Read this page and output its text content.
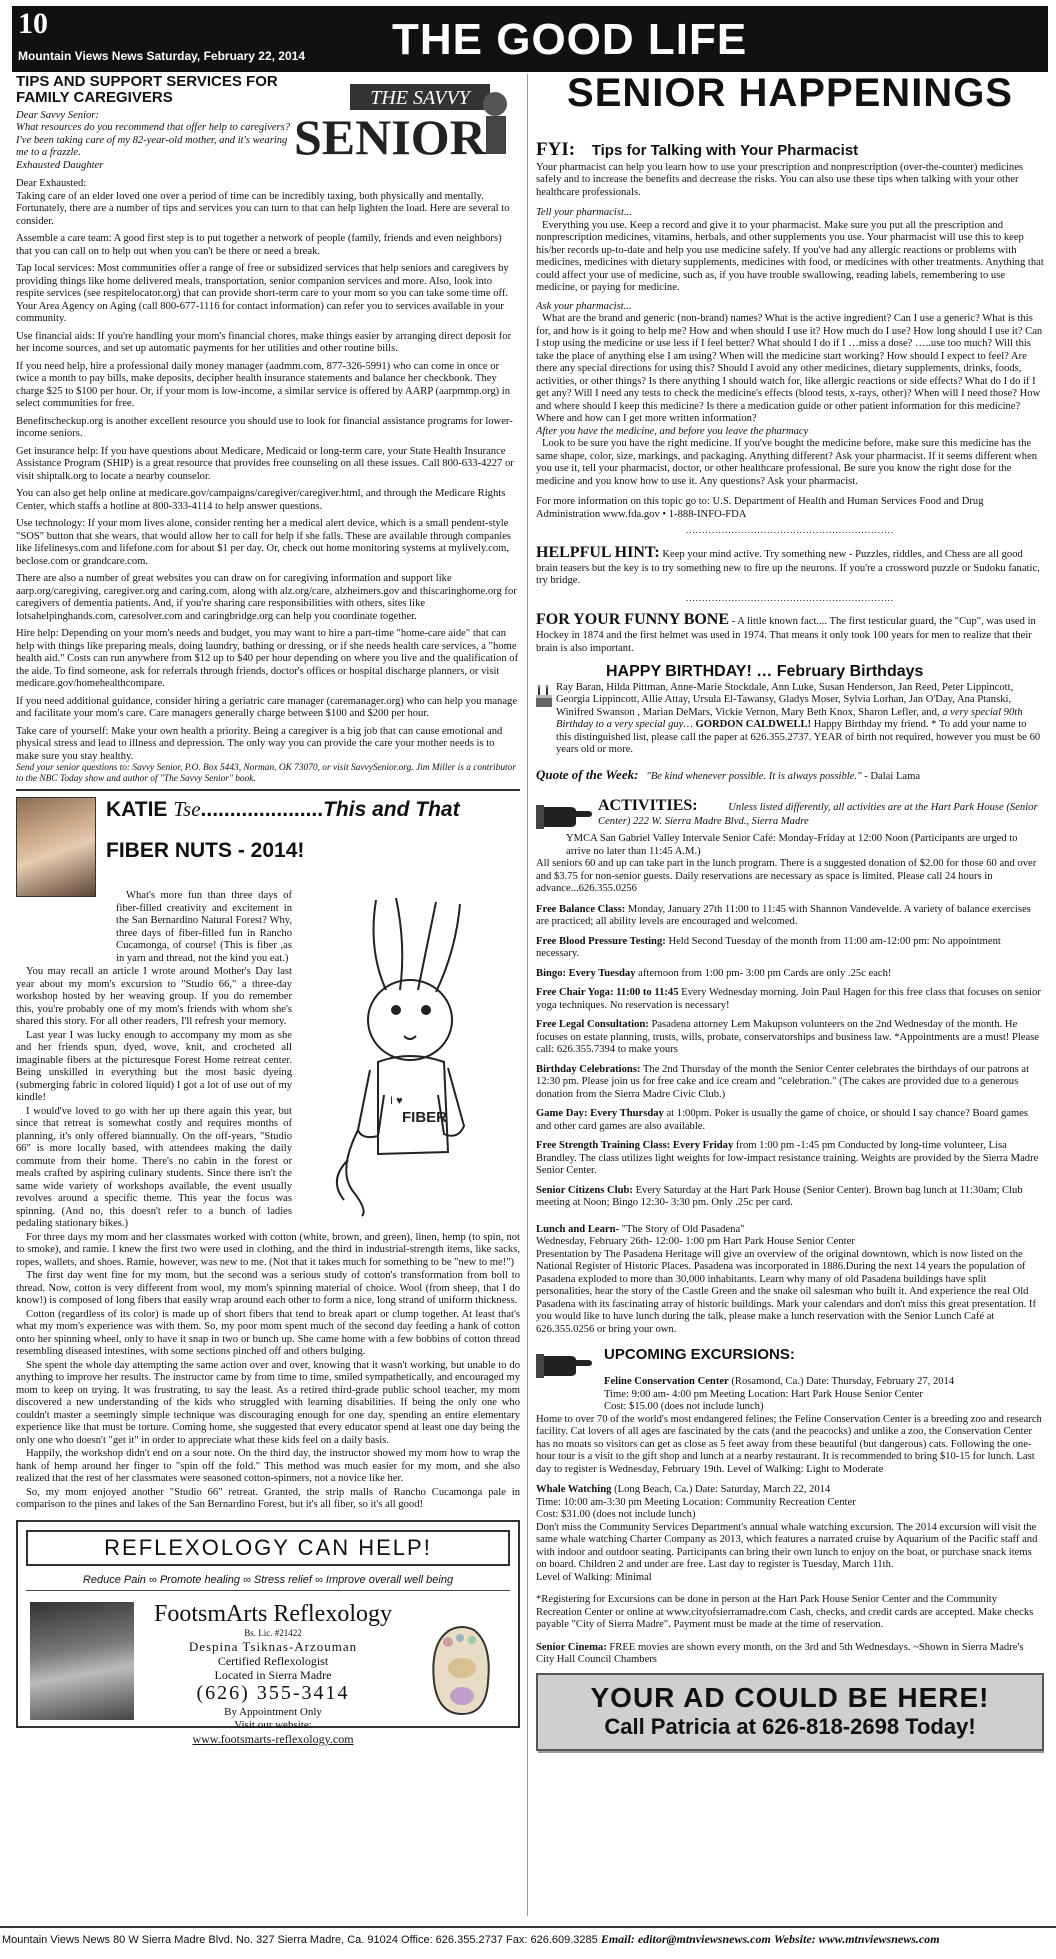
10
Mountain Views News Saturday, February 22, 2014 THE GOOD LIFE
TIPS AND SUPPORT SERVICES FOR FAMILY CAREGIVERS	THE SAVVY
SENIOR
Dear Savvy Senior:
What resources do you recommend that offer help to caregivers? I've been taking care of my 82-year-old mother, and it's wearing me to a frazzle.
Exhausted Daughter

Dear Exhausted:
Taking care of an elder loved one over a period of time can be incredibly taxing, both physically and mentally. Fortunately, there are a number of tips and services you can turn to that can help lighten the load. Here are several to consider.

Assemble a care team: A good first step is to put together a network of people (family, friends and even neighbors) that you can call on to help out when you can't be there or need a break.

Tap local services: Most communities offer a range of free or subsidized services that help seniors and caregivers by providing things like home delivered meals, transportation, senior companion services and more. Also, look into respite services (see respitelocator.org) that can provide short-term care to your mom so you can take some time off. Your Area Agency on Aging (call 800-677-1116 for contact information) can refer you to services available in your community.

Use financial aids: If you're handling your mom's financial chores, make things easier by arranging direct deposit for her income sources, and set up automatic payments for her utilities and other routine bills.

If you need help, hire a professional daily money manager (aadmm.com, 877-326-5991) who can come in once or twice a month to pay bills, make deposits, decipher health insurance statements and balance her checkbook. They charge $25 to $100 per hour. Or, if your mom is low-income, a similar service is offered by AARP (aarpmmp.org) in select communities for free.

Benefitscheckup.org is another excellent resource you should use to look for financial assistance programs for lower-income seniors.

Get insurance help: If you have questions about Medicare, Medicaid or long-term care, your State Health Insurance Assistance Program (SHIP) is a great resource that provides free counseling on all these issues. Call 800-633-4227 or visit shiptalk.org to locate a nearby counselor.

You can also get help online at medicare.gov/campaigns/caregiver/caregiver.html, and through the Medicare Rights Center, which staffs a hotline at 800-333-4114 to help answer questions.

Use technology: If your mom lives alone, consider renting her a medical alert device, which is a small pendent-style "SOS" button that she wears, that would allow her to call for help if she falls. These are available through companies like lifelinesys.com and lifefone.com for about $1 per day. Or, check out home monitoring systems at mylively.com, beclose.com or grandcare.com.

There are also a number of great websites you can draw on for caregiving information and support like aarp.org/caregiving, caregiver.org and caring.com, along with alz.org/care, alzheimers.gov and thiscaringhome.org for caregivers of dementia patients. And, if you're sharing care responsibilities with others, sites like lotsahelpinghands.com, caresolver.com and caringbridge.org can help you coordinate together.

Hire help: Depending on your mom's needs and budget, you may want to hire a part-time "home-care aide" that can help with things like preparing meals, doing laundry, bathing or dressing, or if she needs health care services, a "home health aid." Costs can run anywhere from $12 up to $40 per hour depending on where you live and the qualification of the aide. To find someone, ask for referrals through friends, doctor's offices or hospital discharge planners, or visit medicare.gov/homehealthcompare.

If you need additional guidance, consider hiring a geriatric care manager (caremanager.org) who can help you manage and facilitate your mom's care. Care managers generally charge between $100 and $200 per hour.

Take care of yourself: Make your own health a priority. Being a caregiver is a big job that can cause emotional and physical stress and lead to illness and depression. The only way you can provide the care your mother needs is to make sure you stay healthy.

Send your senior questions to: Savvy Senior, P.O. Box 5443, Norman, OK 73070, or visit SavvySenior.org. Jim Miller is a contributor to the NBC Today show and author of "The Savvy Senior" book.
KATIE Tse.....................This and That
FIBER NUTS - 2014!
I ♥
FIBER

What's more fun than three days of fiber-filled creativity and excitement in the San Bernardino Natural Forest? Why, three days of fiber-filled fun in Rancho Cucamonga, of course! (This is fiber ,as in yarn and thread, not the kind you eat.)

You may recall an article I wrote around Mother's Day last year about my mom's excursion to "Studio 66," a three-day workshop hosted by her weaving group. If you do remember this, you're probably one of my mom's friends with whom she's shared this story. For all other readers, I'll refresh your memory.

Last year I was lucky enough to accompany my mom as she and her friends spun, dyed, wove, knit, and crocheted all imaginable fibers at the picturesque Forest Home retreat center. Being unskilled in everything but the most basic dyeing (submerging fabric in colored liquid) I got a lot of use out of my kindle!

I would've loved to go with her up there again this year, but since that retreat is somewhat costly and requires months of planning, it's only offered biannually. On the off-years, "Studio 66" is more locally based, with attendees making the daily commute from their home. There's no cabin in the forest or meals crafted by aspiring culinary students. Since there isn't the same wide variety of workshops available, the event usually revolves around a specific theme. This year the focus was spinning. (And no, this doesn't refer to a bunch of ladies pedaling stationary bikes.)

For three days my mom and her classmates worked with cotton (white, brown, and green), linen, hemp (to spin, not to smoke), and ramie. I knew the first two were used in clothing, and the third in industrial-strength items, like sacks, ropes, wallets, and shoes. Ramie, however, was new to me. (Not that it takes much for something to be "new to me!")

The first day went fine for my mom, but the second was a serious study of cotton's transformation from boll to thread. Now, cotton is very different from wool, my mom's spinning material of choice. Wool (from sheep, that I do know!) is composed of long fibers that easily wrap around each other to form a nice, long strand of uniform thickness.

Cotton (regardless of its color) is made up of short fibers that tend to break apart or clump together. At least that's what my mom's experience was with them. So, my poor mom spent much of the second day feeding a hank of cotton onto her spinning wheel, only to have it snap in two or bunch up. She came home with a few bobbins of cotton thread resembling diseased intestines, with some sections pinched off and others bulging.

She spent the whole day attempting the same action over and over, knowing that it wasn't working, but unable to do anything to improve her results. The instructor came by from time to time, smiled sympathetically, and encouraged my mom to keep on trying. It was frustrating, to say the least. As a retired third-grade public school teacher, my mom discovered a new understanding of the kids who struggled with learning disabilities. If being the only one who couldn't master a seemingly simple technique was discouraging enough for one day, spending an entire elementary experience like that must be torture. Coming home, she suggested that every educator spend at least one day being the only one who doesn't "get it" in order to appreciate what these kids feel on a daily basis.

Happily, the workshop didn't end on a sour note. On the third day, the instructor showed my mom how to wrap the hank of hemp around her finger to "spin off the fold." This method was much easier for my mom, and she also realized that the rest of her classmates were seasoned cotton-spinners, not a novice like her.

So, my mom enjoyed another "Studio 66" retreat. Granted, the strip malls of Rancho Cucamonga pale in comparison to the pines and lakes of the San Bernardino Forest, but it's all fiber, so it's all good!

REFLEXOLOGY CAN HELP!
Reduce Pain ∞ Promote healing ∞ Stress relief ∞ Improve overall well being
FootsmArts Reflexology
Bs. Lic. #21422
Despina Tsiknas-Arzouman
Certified Reflexologist
Located in Sierra Madre
(626) 355-3414
By Appointment Only
Visit our website:
www.footsmarts-reflexology.com
SENIOR HAPPENINGS
FYI: Tips for Talking with Your Pharmacist

Your pharmacist can help you learn how to use your prescription and nonprescription (over-the-counter) medicines safely and to increase the benefits and decrease the risks. You can also use these tips when talking with your other healthcare professionals.

Tell your pharmacist...

Everything you use. Keep a record and give it to your pharmacist. Make sure you put all the prescription and nonprescription medicines, vitamins, herbals, and other supplements you use. Your pharmacist will use this to keep his/her records up-to-date and help you use medicine safely. If you've had any allergic reactions or problems with medicines, medicines with dietary supplements, medicines with food, or medicines with other treatments. Anything that could affect your use of medicine, such as, if you have trouble swallowing, reading labels, remembering to use medicine, or paying for medicine.

Ask your pharmacist...

What are the brand and generic (non-brand) names? What is the active ingredient? Can I use a generic? What is this for, and how is it going to help me? How and when should I use it? How much do I use? How long should I use it? Can I stop using the medicine or use less if I feel better? What should I do if I …miss a dose? …..use too much? Will this take the place of anything else I am using? When will the medicine start working? How should I expect to feel? Are there any special directions for using this? Should I avoid any other medicines, dietary supplements, drinks, foods, activities, or other things? Is there anything I should watch for, like allergic reactions or side effects? What do I do if I get any? Will I need any tests to check the medicine's effects (blood tests, x-rays, other)? When will I need those? How and where should I keep this medicine? Is there a medication guide or other patient information for this medicine? Where and how can I get more written information?

After you have the medicine, and before you leave the pharmacy

Look to be sure you have the right medicine. If you've bought the medicine before, make sure this medicine has the same shape, color, size, markings, and packaging. Anything different? Ask your pharmacist. If it seems different when you use it, tell your pharmacist, doctor, or other healthcare professional. Be sure you know the right dose for the medicine and you know how to use it. Any questions? Ask your pharmacist.

For more information on this topic go to: U.S. Department of Health and Human Services Food and Drug Administration www.fda.gov • 1-888-INFO-FDA

................................................................

HELPFUL HINT: Keep your mind active. Try something new - Puzzles, riddles, and Chess are all good brain teasers but the key is to try something new to fire up the neurons. If you're a crossword puzzle or Sudoku fanatic, try bridge.

................................................................

FOR YOUR FUNNY BONE - A little known fact.... The first testicular guard, the "Cup", was used in Hockey in 1874 and the first helmet was used in 1974. That means it only took 100 years for men to realize that their brain is also important.

HAPPY BIRTHDAY! … February Birthdays

Ray Baran, Hilda Pittman, Anne-Marie Stockdale, Ann Luke, Susan Henderson, Jan Reed, Peter Lippincott, Georgia Lippincott, Allie Attay, Ursula El-Tawansy, Gladys Moser, Sylvia Lorhan, Jan O'Day, Ana Ptanski, Winifred Swanson , Marian DeMars, Vickie Vernon, Mary Beth Knox, Sharon Lefler, and, a very special 90th Birthday to a very special guy… GORDON CALDWELL! Happy Birthday my friend. * To add your name to this distinguished list, please call the paper at 626.355.2737. YEAR of birth not required, however you must be 60 years old or more.

Quote of the Week: "Be kind whenever possible. It is always possible." - Dalai Lama

ACTIVITIES:	Unless listed differently, all activities are at the Hart Park House (Senior Center) 222 W. Sierra Madre Blvd., Sierra Madre

YMCA San Gabriel Valley Intervale Senior Café: Monday-Friday at 12:00 Noon (Participants are urged to arrive no later than 11:45 A.M.)

All seniors 60 and up can take part in the lunch program. There is a suggested donation of $2.00 for those 60 and over and $3.75 for non-senior guests. Daily reservations are necessary as space is limited. Please call 24 hours in advance...626.355.0256

Free Balance Class: Monday, January 27th 11:00 to 11:45 with Shannon Vandevelde. A variety of balance exercises are practiced; all ability levels are encouraged and welcomed.

Free Blood Pressure Testing: Held Second Tuesday of the month from 11:00 am-12:00 pm: No appointment necessary.

Bingo: Every Tuesday afternoon from 1:00 pm- 3:00 pm Cards are only .25c each!

Free Chair Yoga: 11:00 to 11:45 Every Wednesday morning. Join Paul Hagen for this free class that focuses on senior yoga techniques. No reservation is necessary!

Free Legal Consultation: Pasadena attorney Lem Makupson volunteers on the 2nd Wednesday of the month. He focuses on estate planning, trusts, wills, probate, conservatorships and business law. *Appointments are a must! Please call: 626.355.7394 to make yours

Birthday Celebrations: The 2nd Thursday of the month the Senior Center celebrates the birthdays of our patrons at 12:30 pm. Please join us for free cake and ice cream and "celebration." (The cakes are provided due to a generous donation from the Sierra Madre Civic Club.)

Game Day: Every Thursday at 1:00pm. Poker is usually the game of choice, or should I say chance? Board games and other card games are also available.

Free Strength Training Class: Every Friday from 1:00 pm -1:45 pm Conducted by long-time volunteer, Lisa Brandley. The class utilizes light weights for low-impact resistance training. Weights are provided by the Sierra Madre Senior Center.

Senior Citizens Club: Every Saturday at the Hart Park House (Senior Center). Brown bag lunch at 11:30am; Club meeting at Noon; Bingo 12:30- 3:30 pm. Only .25c per card.

Lunch and Learn- "The Story of Old Pasadena"
Wednesday, February 26th- 12:00- 1:00 pm Hart Park House Senior Center
Presentation by The Pasadena Heritage will give an overview of the original downtown, which is now listed on the National Register of Historic Places. Pasadena was incorporated in 1886.During the next 14 years the population of Pasadena exploded to more than 30,000 inhabitants. Learn why many of old Pasadena buildings have split personalities, hear the story of the Castle Green and the snake oil salesman who built it. And experience the real Old Pasadena with its fascinating array of historic buildings. Mark your calendars and don't miss this great presentation. If you would like to have lunch during the talk, please make a lunch reservation with the Senior Lunch Café at 626.355.0256 or bring your own.

UPCOMING EXCURSIONS:

Feline Conservation Center (Rosamond, Ca.) Date: Thursday, February 27, 2014
Time: 9:00 am- 4:00 pm Meeting Location: Hart Park House Senior Center
Cost: $15.00 (does not include lunch)

Home to over 70 of the world's most endangered felines; the Feline Conservation Center is a breeding zoo and research facility. Cat lovers of all ages are fascinated by the cats (and the peacocks) and unlike a zoo, the Conservation Center has no moats so visitors can get as close as 5 feet away from these beautiful (but dangerous) cats. Following the one-hour tour is a visit to the gift shop and lunch at a nearby restaurant. It is recommended to bring $10-15 for lunch. Last day to register is Wednesday, February 19th. Level of Walking: Light to Moderate

Whale Watching (Long Beach, Ca.) Date: Saturday, March 22, 2014
Time: 10:00 am-3:30 pm Meeting Location: Community Recreation Center
Cost: $31.00 (does not include lunch)

Don't miss the Community Services Department's annual whale watching excursion. The 2014 excursion will visit the same whale watching Charter Company as 2013, which features a narrated cruise by Aquarium of the Pacific staff and with indoor and outdoor seating. Participants can bring their own lunch to enjoy on the boat, or purchase snack items on board. Children 2 and under are free. Last day to register is Tuesday, March 11th.
Level of Walking: Minimal

*Registering for Excursions can be done in person at the Hart Park House Senior Center and the Community Recreation Center or online at www.cityofsierramadre.com Cash, checks, and credit cards are accepted. Make checks payable "City of Sierra Madre". Payment must be made at the time of reservation.

Senior Cinema: FREE movies are shown every month, on the 3rd and 5th Wednesdays. ~Shown in Sierra Madre's City Hall Council Chambers

YOUR AD COULD BE HERE!
Call Patricia at 626-818-2698 Today!
Mountain Views News 80 W Sierra Madre Blvd. No. 327 Sierra Madre, Ca. 91024 Office: 626.355.2737 Fax: 626.609.3285 Email: editor@mtnviewsnews.com Website: www.mtnviewsnews.com
